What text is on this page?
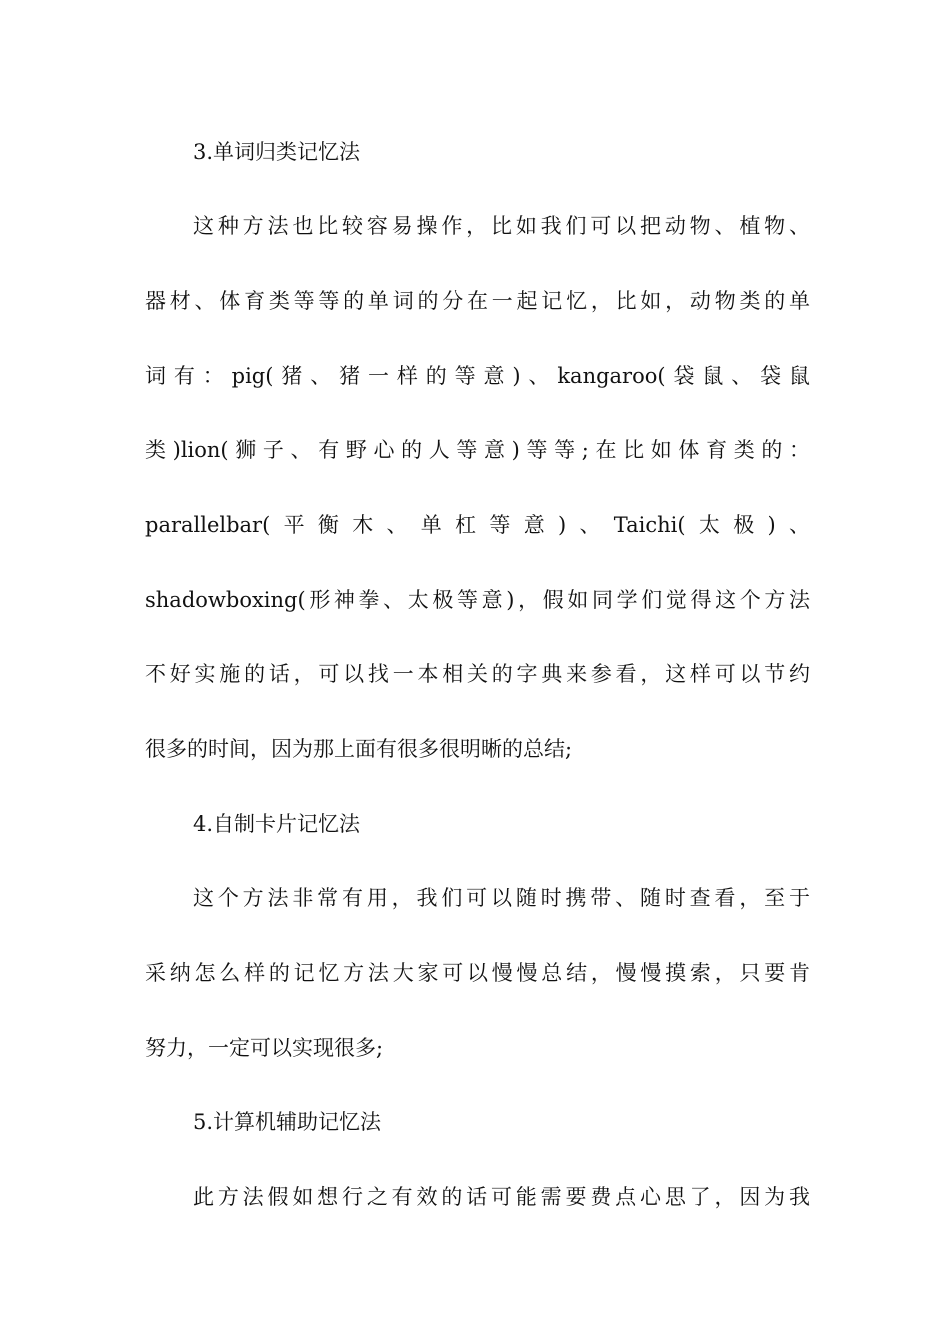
3.单词归类记忆法
这种方法也比较容易操作，比如我们可以把动物、植物、
器材、体育类等等的单词的分在一起记忆，比如，动物类的单
词有：pig(猪、猪一样的等意)、kangaroo(袋鼠、袋鼠
类)lion(狮子、有野心的人等意)等等;在比如体育类的：
parallelbar(平衡木、单杠等意)、Taichi(太极)、
shadowboxing(形神拳、太极等意)，假如同学们觉得这个方法
不好实施的话，可以找一本相关的字典来参看，这样可以节约
很多的时间，因为那上面有很多很明晰的总结;
4.自制卡片记忆法
这个方法非常有用，我们可以随时携带、随时查看，至于
采纳怎么样的记忆方法大家可以慢慢总结，慢慢摸索，只要肯
努力，一定可以实现很多;
5.计算机辅助记忆法
此方法假如想行之有效的话可能需要费点心思了，因为我
